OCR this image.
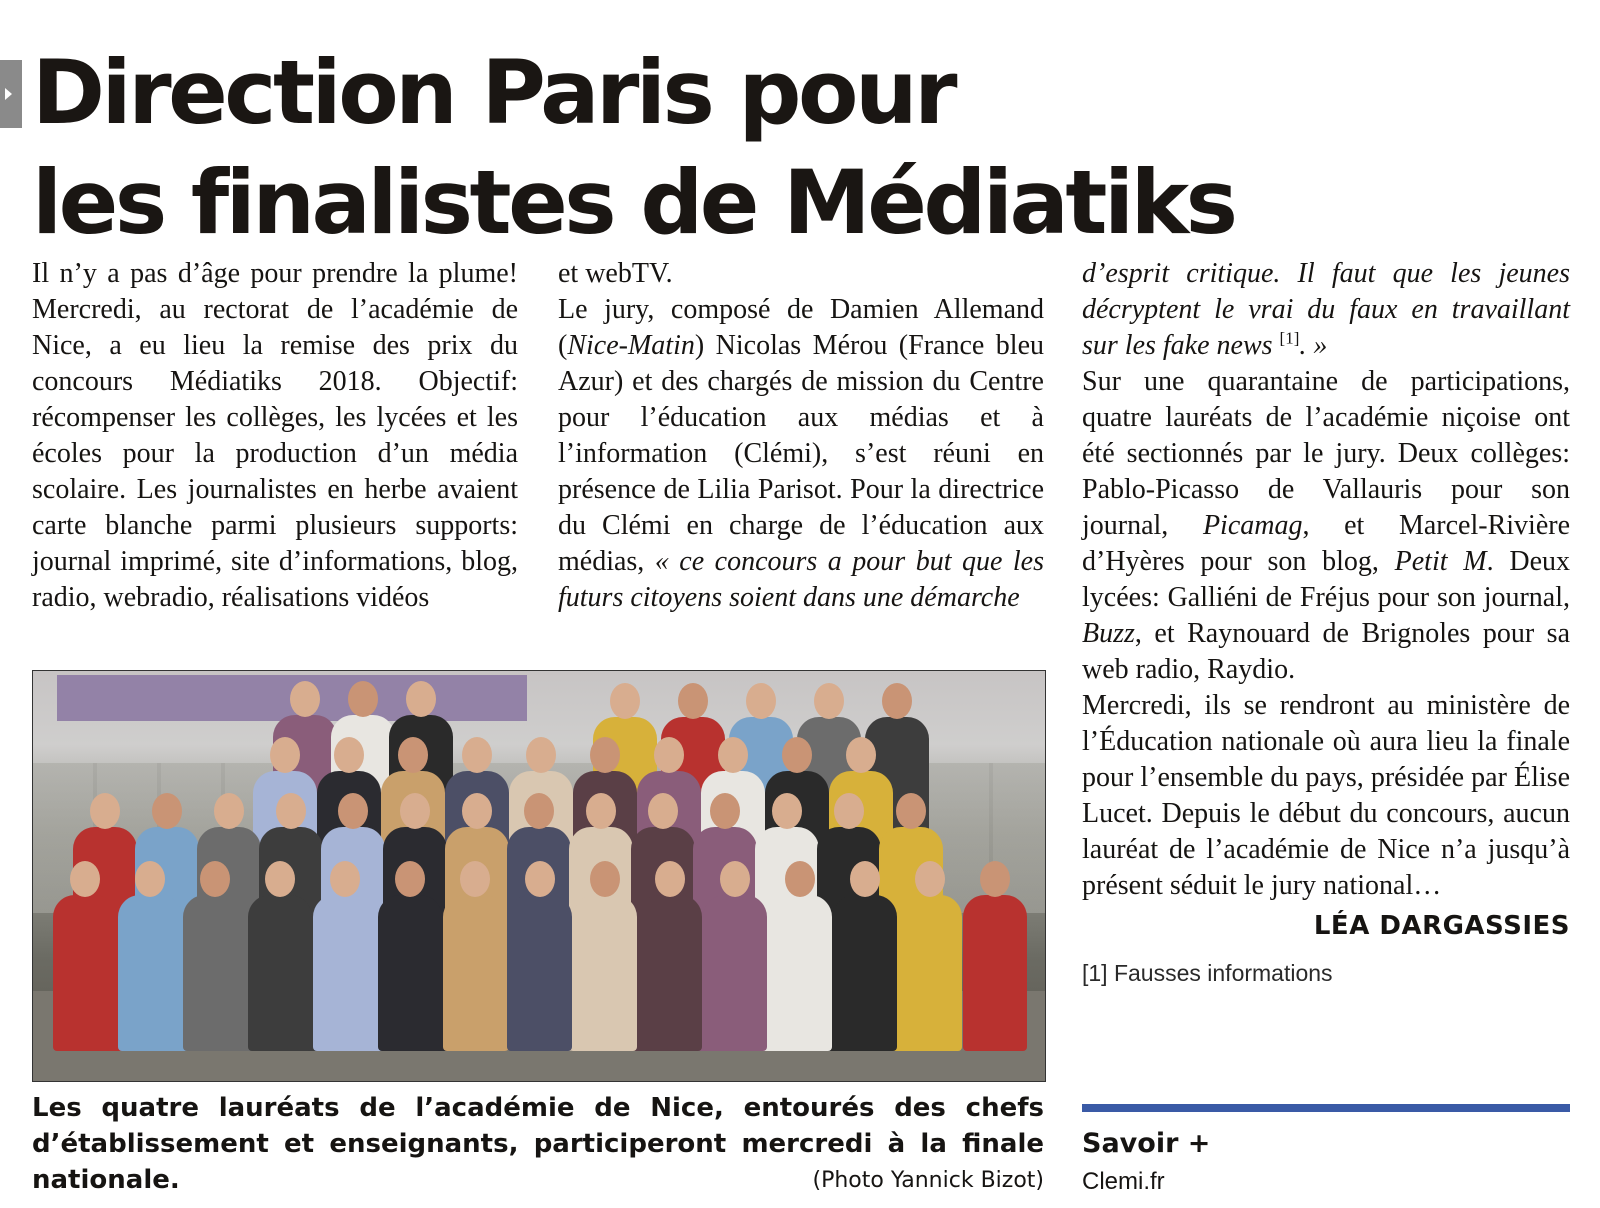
Direction Paris pour
les finalistes de Médiatiks

Il n’y a pas d’âge pour prendre la plume! Mercredi, au rectorat de l’académie de Nice, a eu lieu la remise des prix du concours Médiatiks 2018. Objectif: récompenser les collèges, les lycées et les écoles pour la production d’un média scolaire. Les journalistes en herbe avaient carte blanche parmi plusieurs supports: journal imprimé, site d’informations, blog, radio, webradio, réalisations vidéos

et webTV.

Le jury, composé de Damien Allemand (Nice-Matin) Nicolas Mérou (France bleu Azur) et des chargés de mission du Centre pour l’éducation aux médias et à l’information (Clémi), s’est réuni en présence de Lilia Parisot. Pour la directrice du Clémi en charge de l’éducation aux médias, « ce concours a pour but que les futurs citoyens soient dans une démarche

d’esprit critique. Il faut que les jeunes décryptent le vrai du faux en travaillant sur les fake news [1]. »

Sur une quarantaine de participations, quatre lauréats de l’académie niçoise ont été sectionnés par le jury. Deux collèges: Pablo-Picasso de Vallauris pour son journal, Picamag, et Marcel-Rivière d’Hyères pour son blog, Petit M. Deux lycées: Galliéni de Fréjus pour son journal, Buzz, et Raynouard de Brignoles pour sa web radio, Raydio.

Mercredi, ils se rendront au ministère de l’Éducation nationale où aura lieu la finale pour l’ensemble du pays, présidée par Élise Lucet. Depuis le début du concours, aucun lauréat de l’académie de Nice n’a jusqu’à présent séduit le jury national…

LÉA DARGASSIES
[1] Fausses informations

Les quatre lauréats de l’académie de Nice, entourés des chefs d’établissement et enseignants, participeront mercredi à la finale nationale.	(Photo Yannick Bizot)
Savoir +
Clemi.fr
